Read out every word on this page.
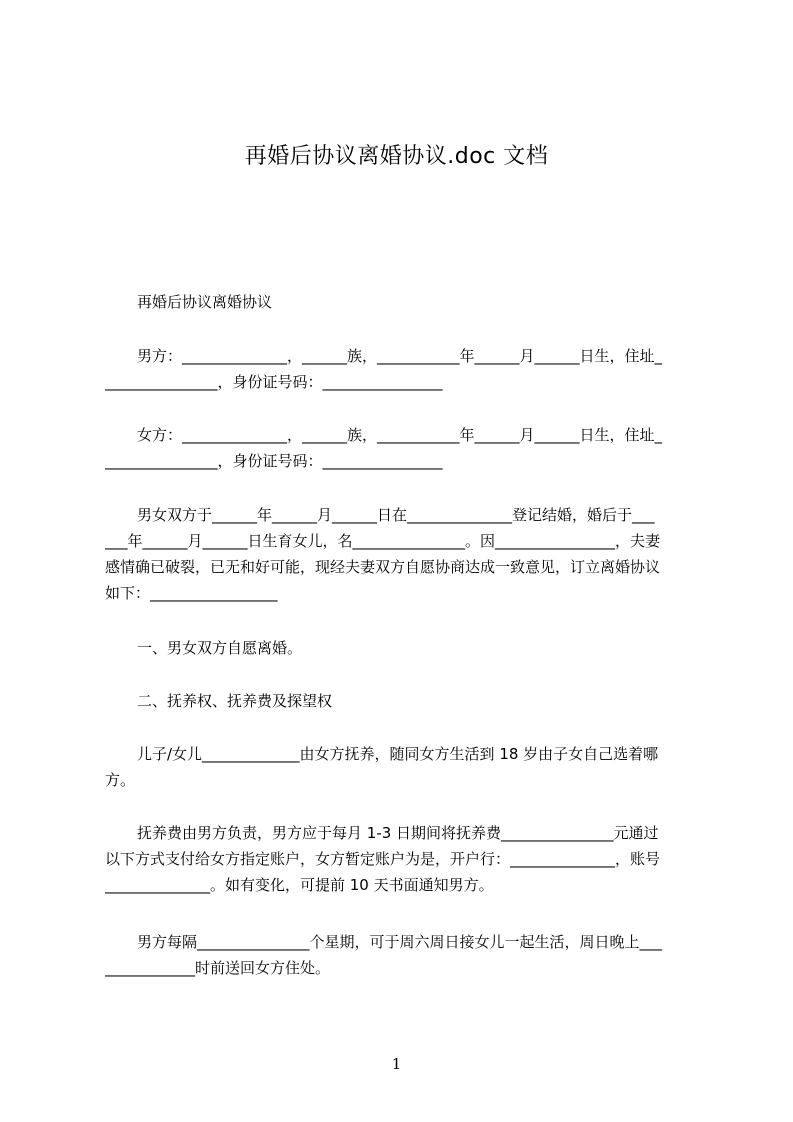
再婚后协议离婚协议.doc 文档
再婚后协议离婚协议
男方：______________，______族，___________年______月______日生，住址_
_______________，身份证号码：________________
女方：______________，______族，___________年______月______日生，住址_
_______________，身份证号码：________________
男女双方于______年______月______日在______________登记结婚，婚后于___
___年______月______日生育女儿，名_______________。因________________，夫妻
感情确已破裂，已无和好可能，现经夫妻双方自愿协商达成一致意见，订立离婚协议
如下：_________________
一、男女双方自愿离婚。
二、抚养权、抚养费及探望权
儿子/女儿_____________由女方抚养，随同女方生活到 18 岁由子女自己选着哪
方。
抚养费由男方负责，男方应于每月 1-3 日期间将抚养费_______________元通过
以下方式支付给女方指定账户，女方暂定账户为是，开户行：______________，账号
______________。如有变化，可提前 10 天书面通知男方。
男方每隔_______________个星期，可于周六周日接女儿一起生活，周日晚上___
____________时前送回女方住处。
1
